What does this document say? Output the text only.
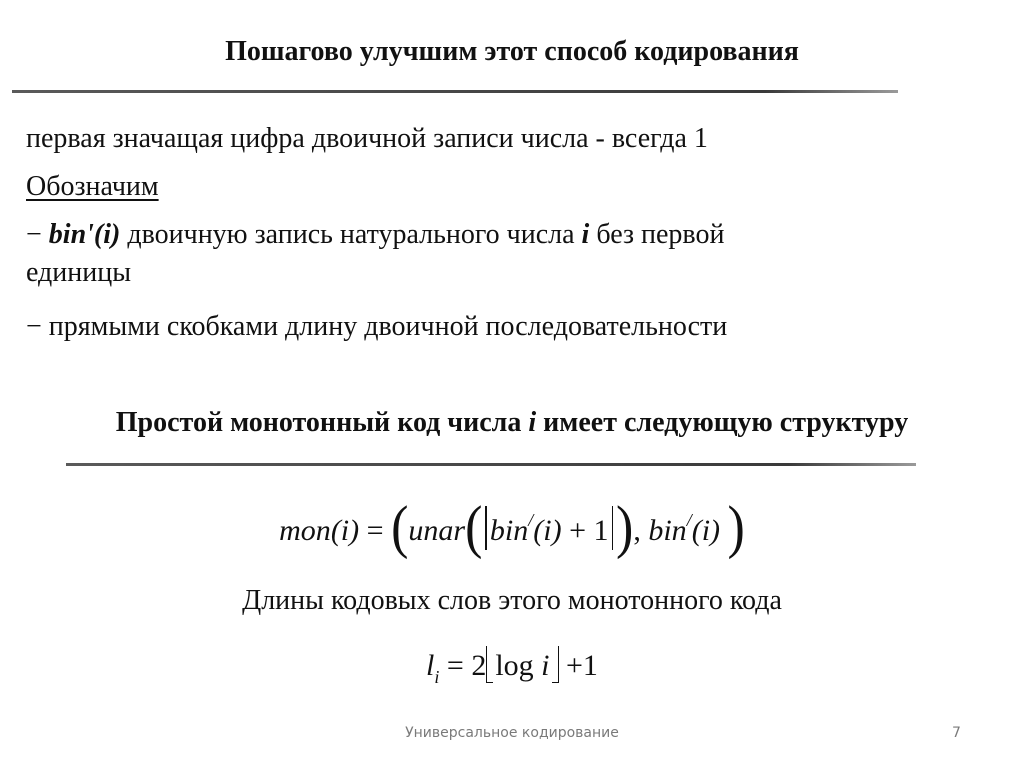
Пошагово улучшим этот способ кодирования
первая значащая цифра двоичной записи числа - всегда 1
Обозначим
− bin'(i) двоичную запись натурального числа i без первой
единицы
− прямыми скобками длину двоичной последовательности
Простой монотонный код числа i имеет следующую структуру
mon(i) = (unar( bin/(i) + 1 ), bin/(i) )
Длины кодовых слов этого монотонного кода
$l_i = 2$ log i +1
Универсальное кодирование	7
